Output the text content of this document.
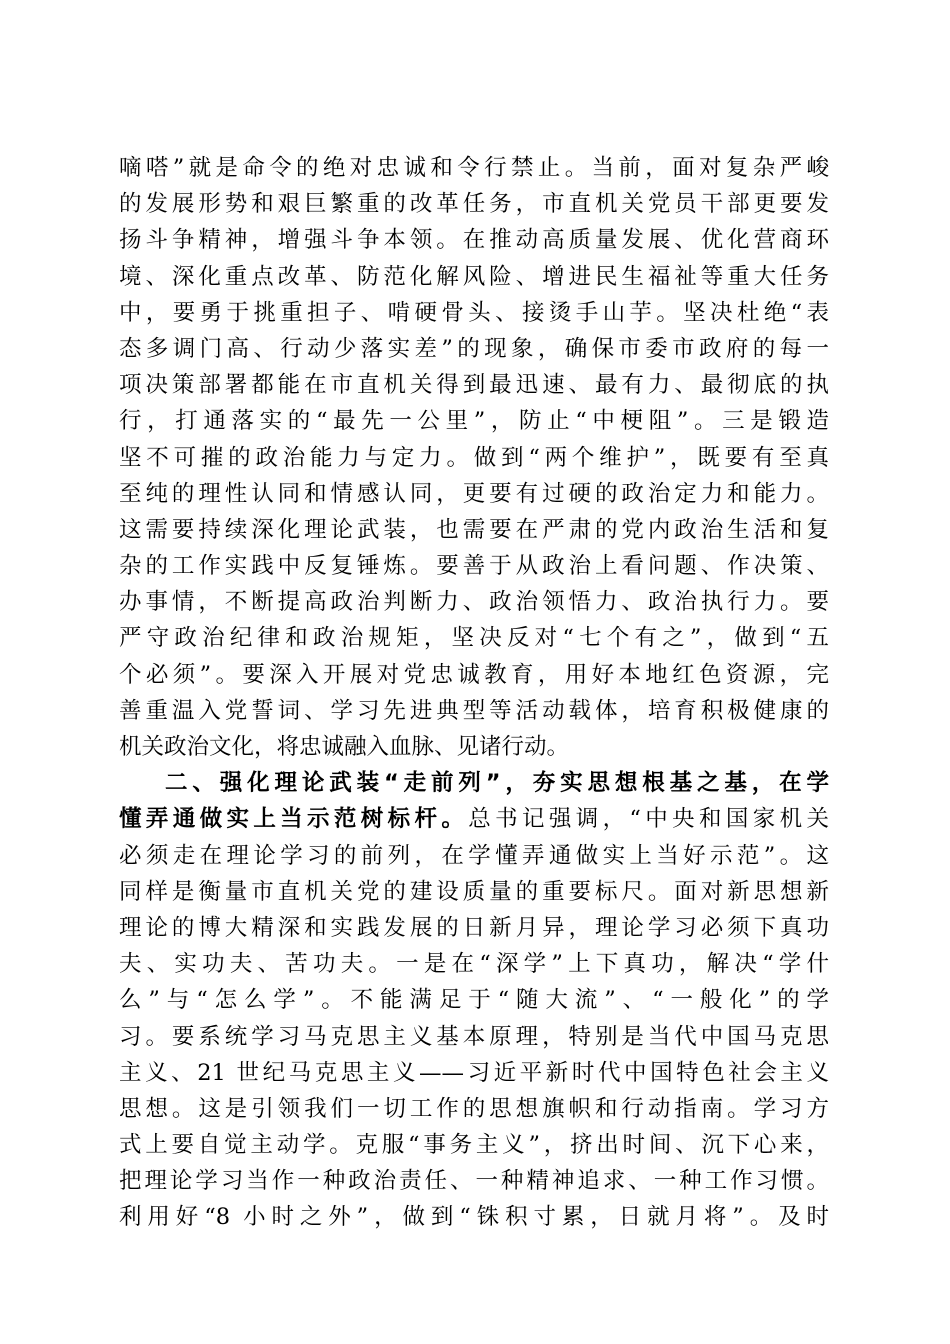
嘀嗒”就是命令的绝对忠诚和令行禁止。当前，面对复杂严峻
的发展形势和艰巨繁重的改革任务，市直机关党员干部更要发
扬斗争精神，增强斗争本领。在推动高质量发展、优化营商环
境、深化重点改革、防范化解风险、增进民生福祉等重大任务
中，要勇于挑重担子、啃硬骨头、接烫手山芋。坚决杜绝“表
态多调门高、行动少落实差”的现象，确保市委市政府的每一
项决策部署都能在市直机关得到最迅速、最有力、最彻底的执
行，打通落实的“最先一公里”，防止“中梗阻”。三是锻造
坚不可摧的政治能力与定力。做到“两个维护”，既要有至真
至纯的理性认同和情感认同，更要有过硬的政治定力和能力。
这需要持续深化理论武装，也需要在严肃的党内政治生活和复
杂的工作实践中反复锤炼。要善于从政治上看问题、作决策、
办事情，不断提高政治判断力、政治领悟力、政治执行力。要
严守政治纪律和政治规矩，坚决反对“七个有之”，做到“五
个必须”。要深入开展对党忠诚教育，用好本地红色资源，完
善重温入党誓词、学习先进典型等活动载体，培育积极健康的
机关政治文化，将忠诚融入血脉、见诸行动。
二、强化理论武装“走前列”，夯实思想根基之基，在学
懂弄通做实上当示范树标杆。总书记强调，“中央和国家机关
必须走在理论学习的前列，在学懂弄通做实上当好示范”。这
同样是衡量市直机关党的建设质量的重要标尺。面对新思想新
理论的博大精深和实践发展的日新月异，理论学习必须下真功
夫、实功夫、苦功夫。一是在“深学”上下真功，解决“学什
么”与“怎么学”。不能满足于“随大流”、“一般化”的学
习。要系统学习马克思主义基本原理，特别是当代中国马克思
主义、21 世纪马克思主义——习近平新时代中国特色社会主义
思想。这是引领我们一切工作的思想旗帜和行动指南。学习方
式上要自觉主动学。克服“事务主义”，挤出时间、沉下心来，
把理论学习当作一种政治责任、一种精神追求、一种工作习惯。
利用好“8 小时之外”，做到“铢积寸累，日就月将”。及时
